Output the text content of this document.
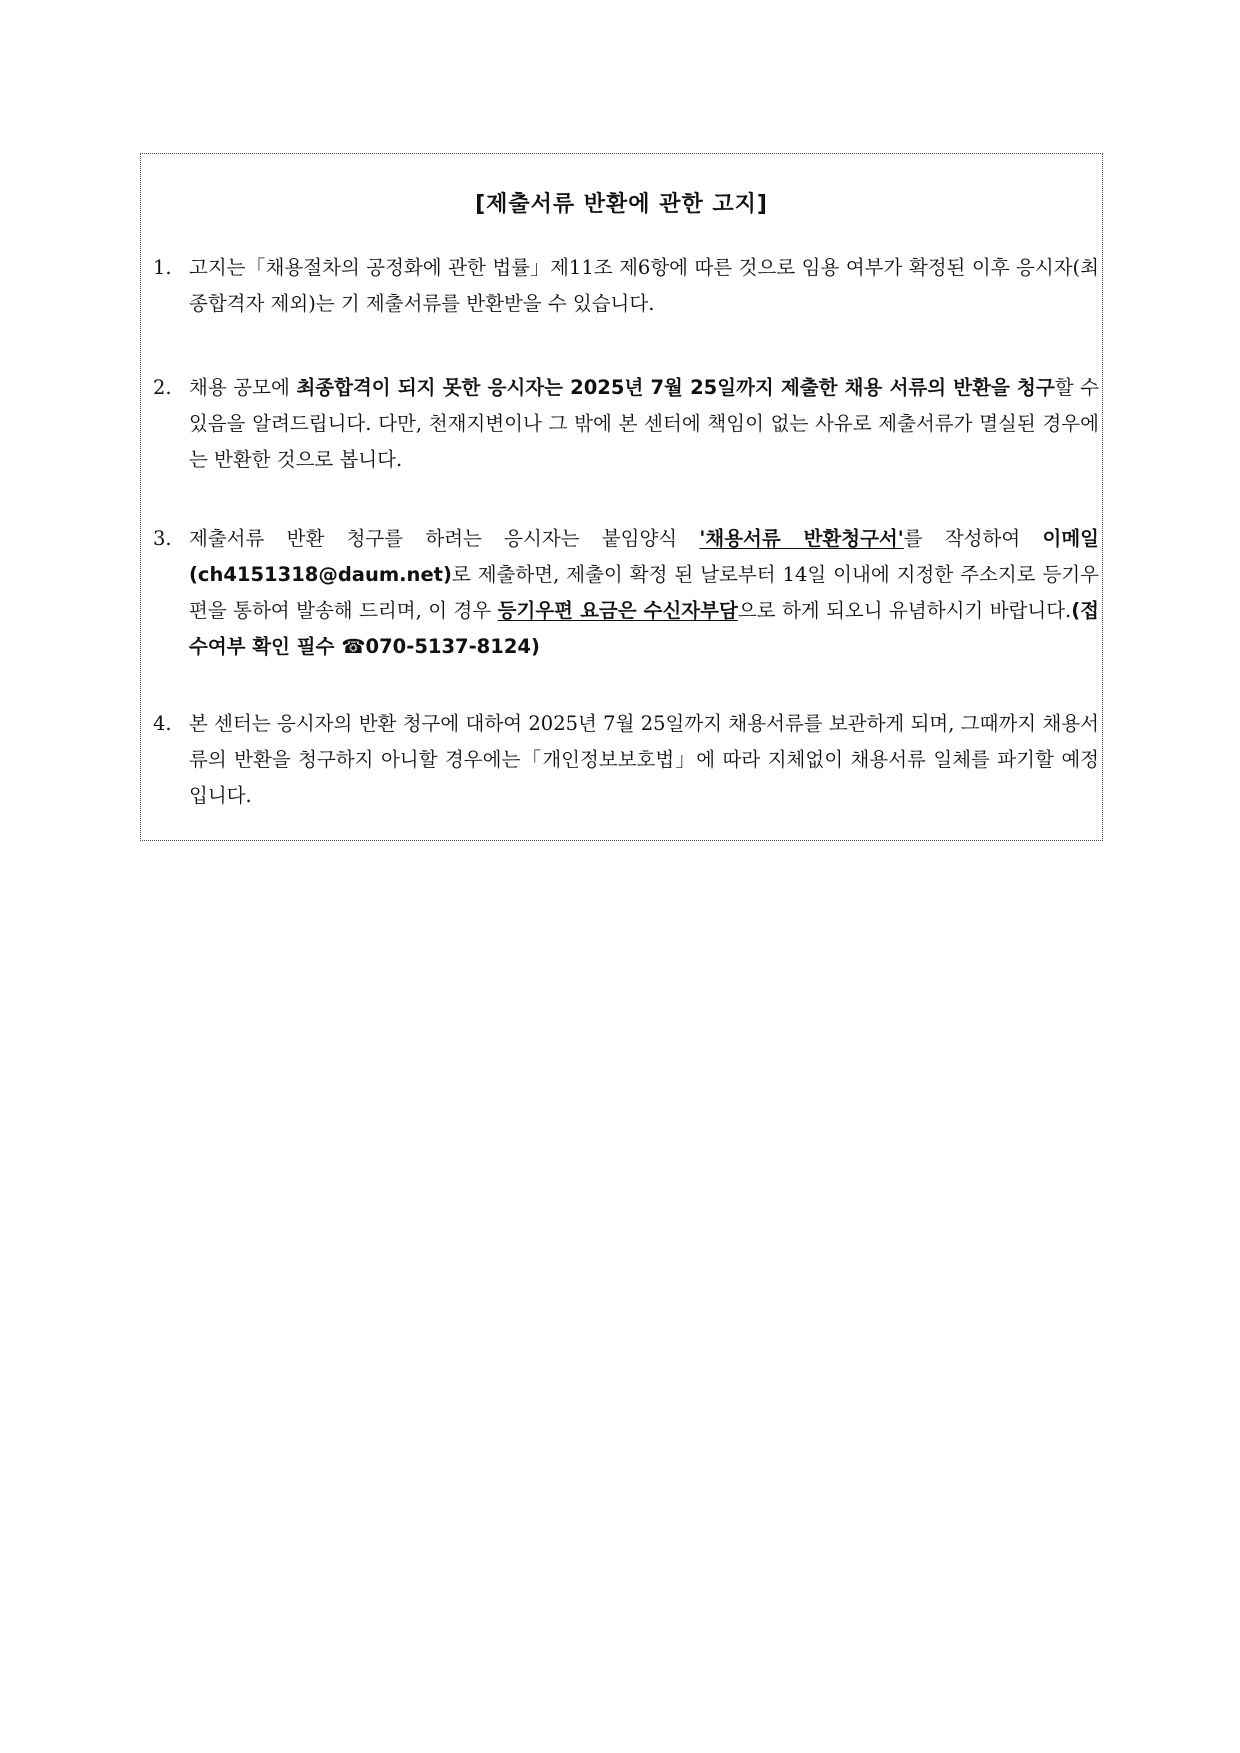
[제출서류 반환에 관한 고지]
1. 고지는「채용절차의 공정화에 관한 법률」제11조 제6항에 따른 것으로 임용 여부가 확정된 이후 응시자(최종합격자 제외)는 기 제출서류를 반환받을 수 있습니다.

2. 채용 공모에 최종합격이 되지 못한 응시자는 2025년 7월 25일까지 제출한 채용 서류의 반환을 청구할 수 있음을 알려드립니다. 다만, 천재지변이나 그 밖에 본 센터에 책임이 없는 사유로 제출서류가 멸실된 경우에는 반환한 것으로 봅니다.

3. 제출서류 반환 청구를 하려는 응시자는 붙임양식 '채용서류 반환청구서'를 작성하여 이메일 (ch4151318@daum.net)로 제출하면, 제출이 확정 된 날로부터 14일 이내에 지정한 주소지로 등기우편을 통하여 발송해 드리며, 이 경우 등기우편 요금은 수신자부담으로 하게 되오니 유념하시기 바랍니다.(접수여부 확인 필수 ☎070-5137-8124)

4. 본 센터는 응시자의 반환 청구에 대하여 2025년 7월 25일까지 채용서류를 보관하게 되며, 그때까지 채용서류의 반환을 청구하지 아니할 경우에는「개인정보보호법」에 따라 지체없이 채용서류 일체를 파기할 예정입니다.
